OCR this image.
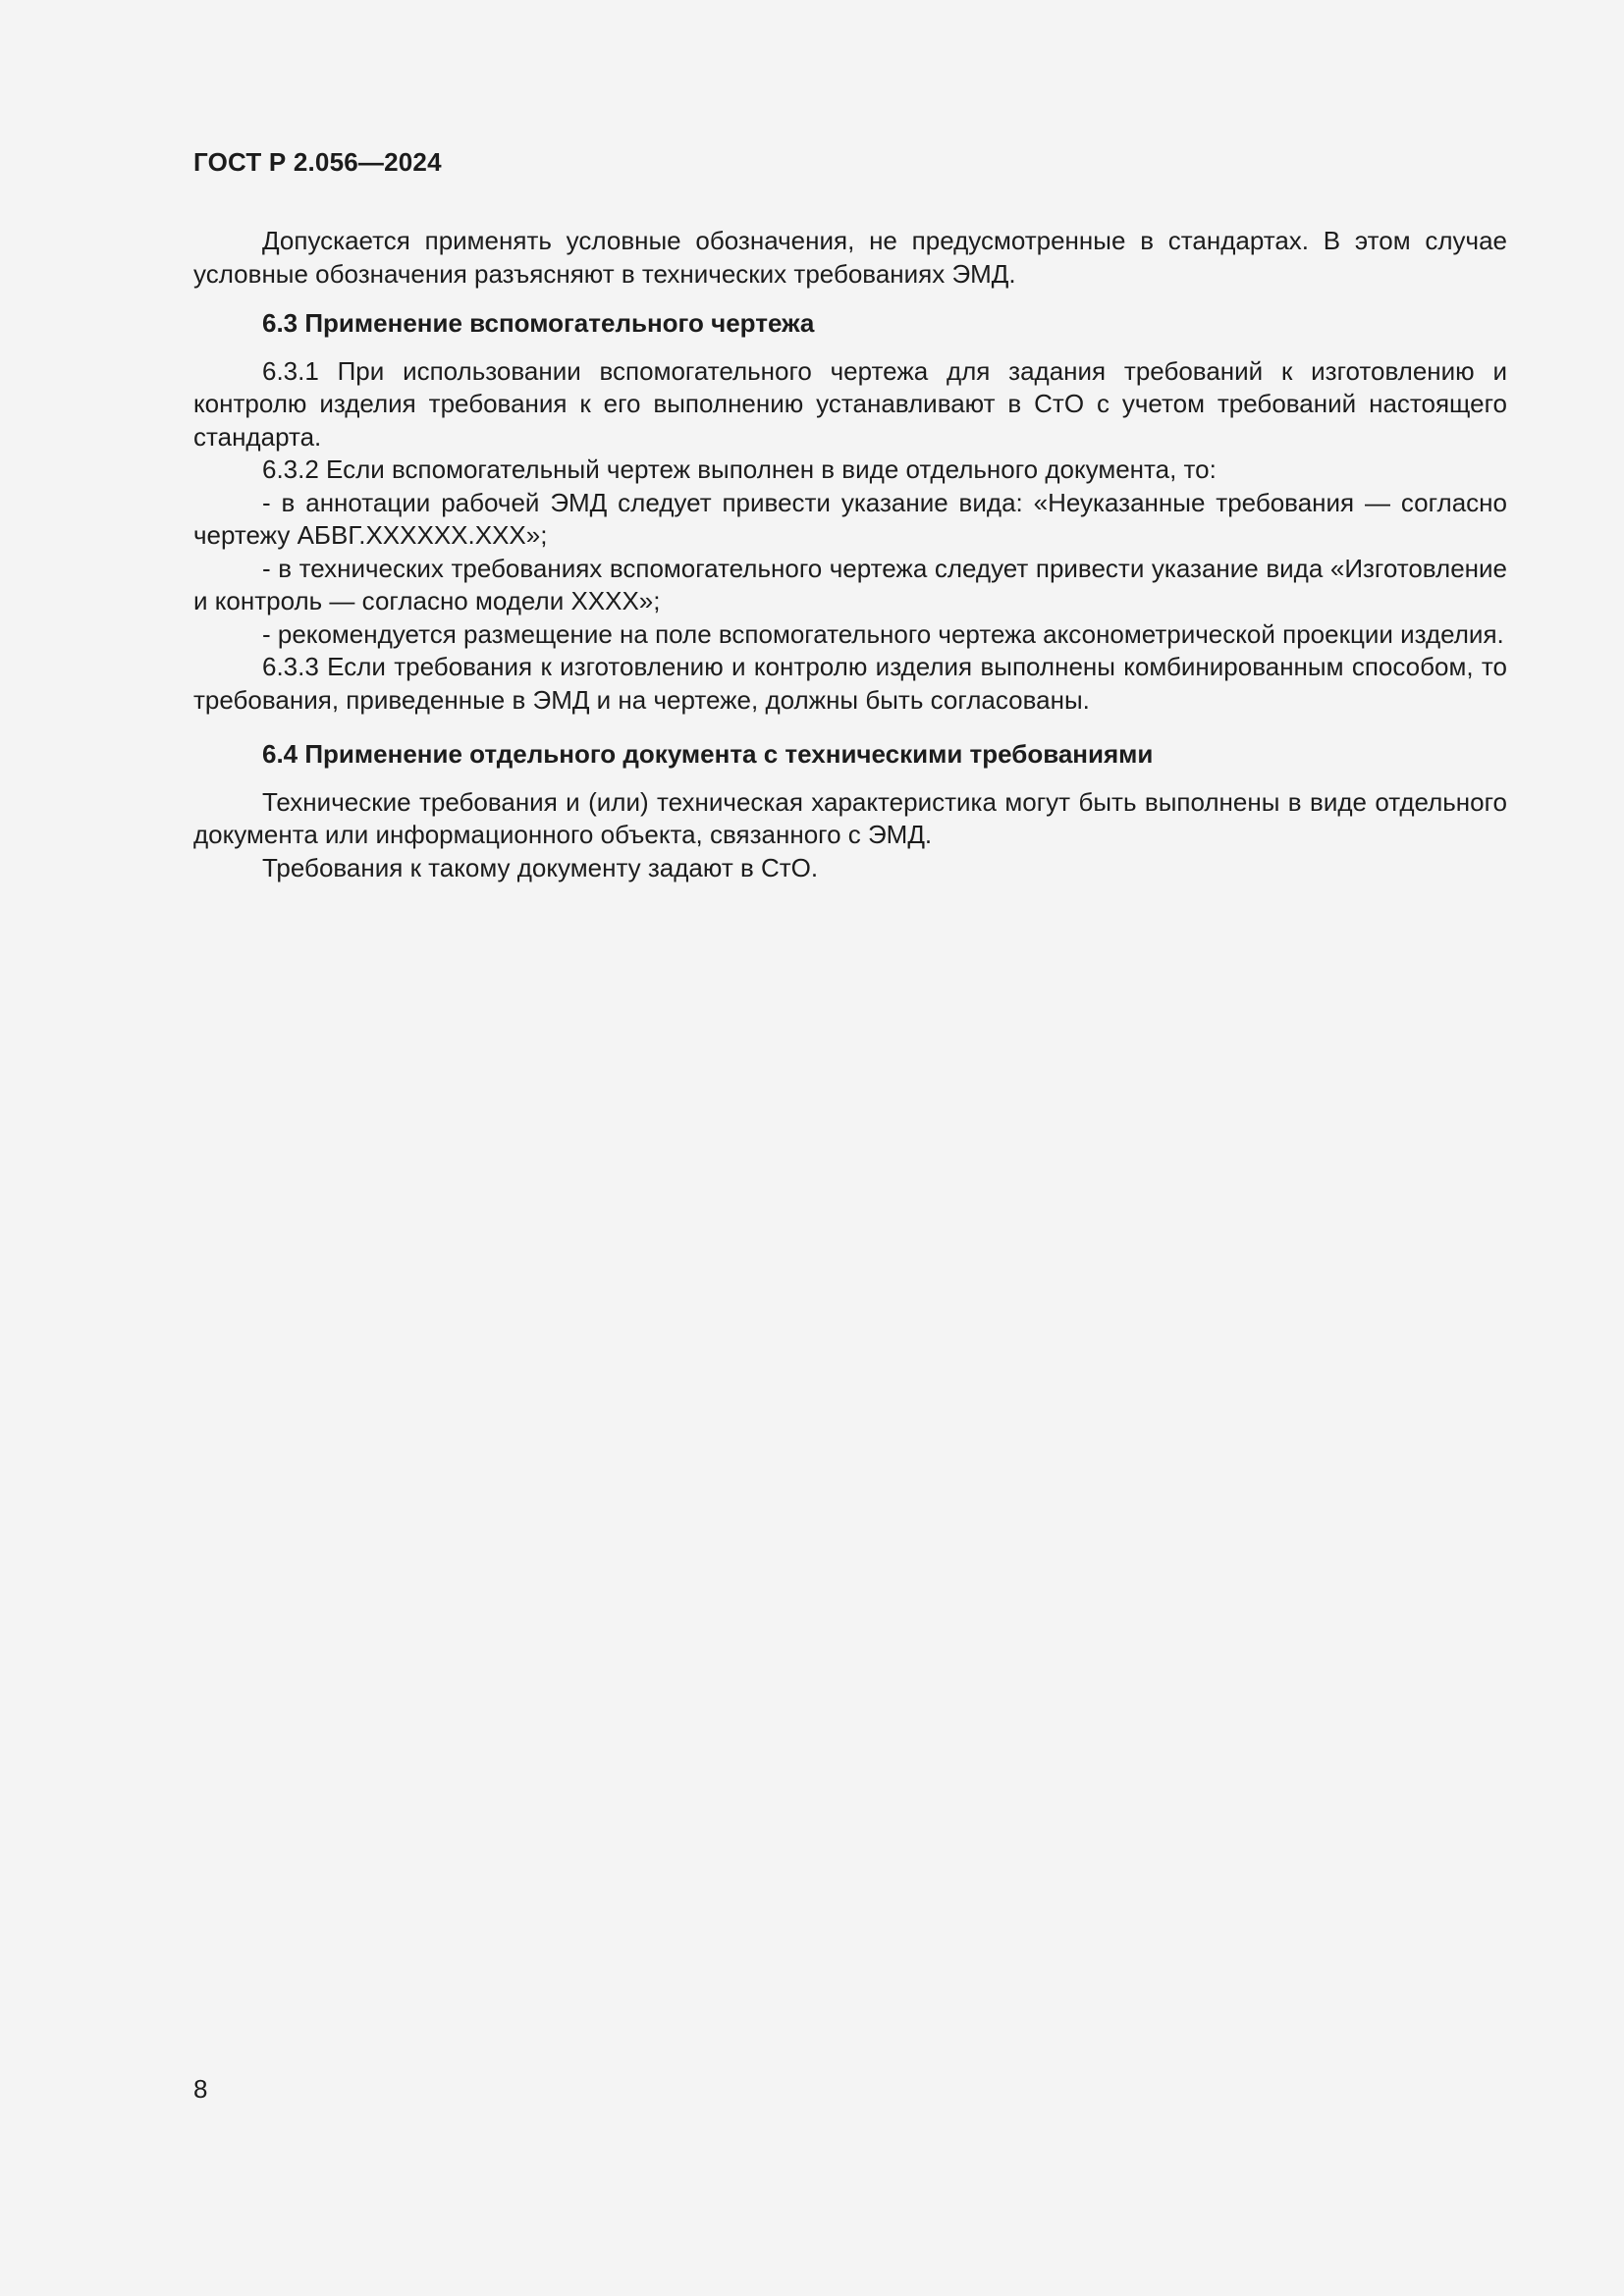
ГОСТ Р 2.056—2024

Допускается применять условные обозначения, не предусмотренные в стандартах. В этом случае условные обозначения разъясняют в технических требованиях ЭМД.

6.3 Применение вспомогательного чертежа

6.3.1 При использовании вспомогательного чертежа для задания требований к изготовлению и контролю изделия требования к его выполнению устанавливают в СтО с учетом требований настоящего стандарта.

6.3.2 Если вспомогательный чертеж выполнен в виде отдельного документа, то:

- в аннотации рабочей ЭМД следует привести указание вида: «Неуказанные требования — согласно чертежу АБВГ.XXXXXX.XXX»;

- в технических требованиях вспомогательного чертежа следует привести указание вида «Изготовление и контроль — согласно модели XXXX»;

- рекомендуется размещение на поле вспомогательного чертежа аксонометрической проекции изделия.

6.3.3 Если требования к изготовлению и контролю изделия выполнены комбинированным способом, то требования, приведенные в ЭМД и на чертеже, должны быть согласованы.

6.4 Применение отдельного документа с техническими требованиями

Технические требования и (или) техническая характеристика могут быть выполнены в виде отдельного документа или информационного объекта, связанного с ЭМД.

Требования к такому документу задают в СтО.

8
